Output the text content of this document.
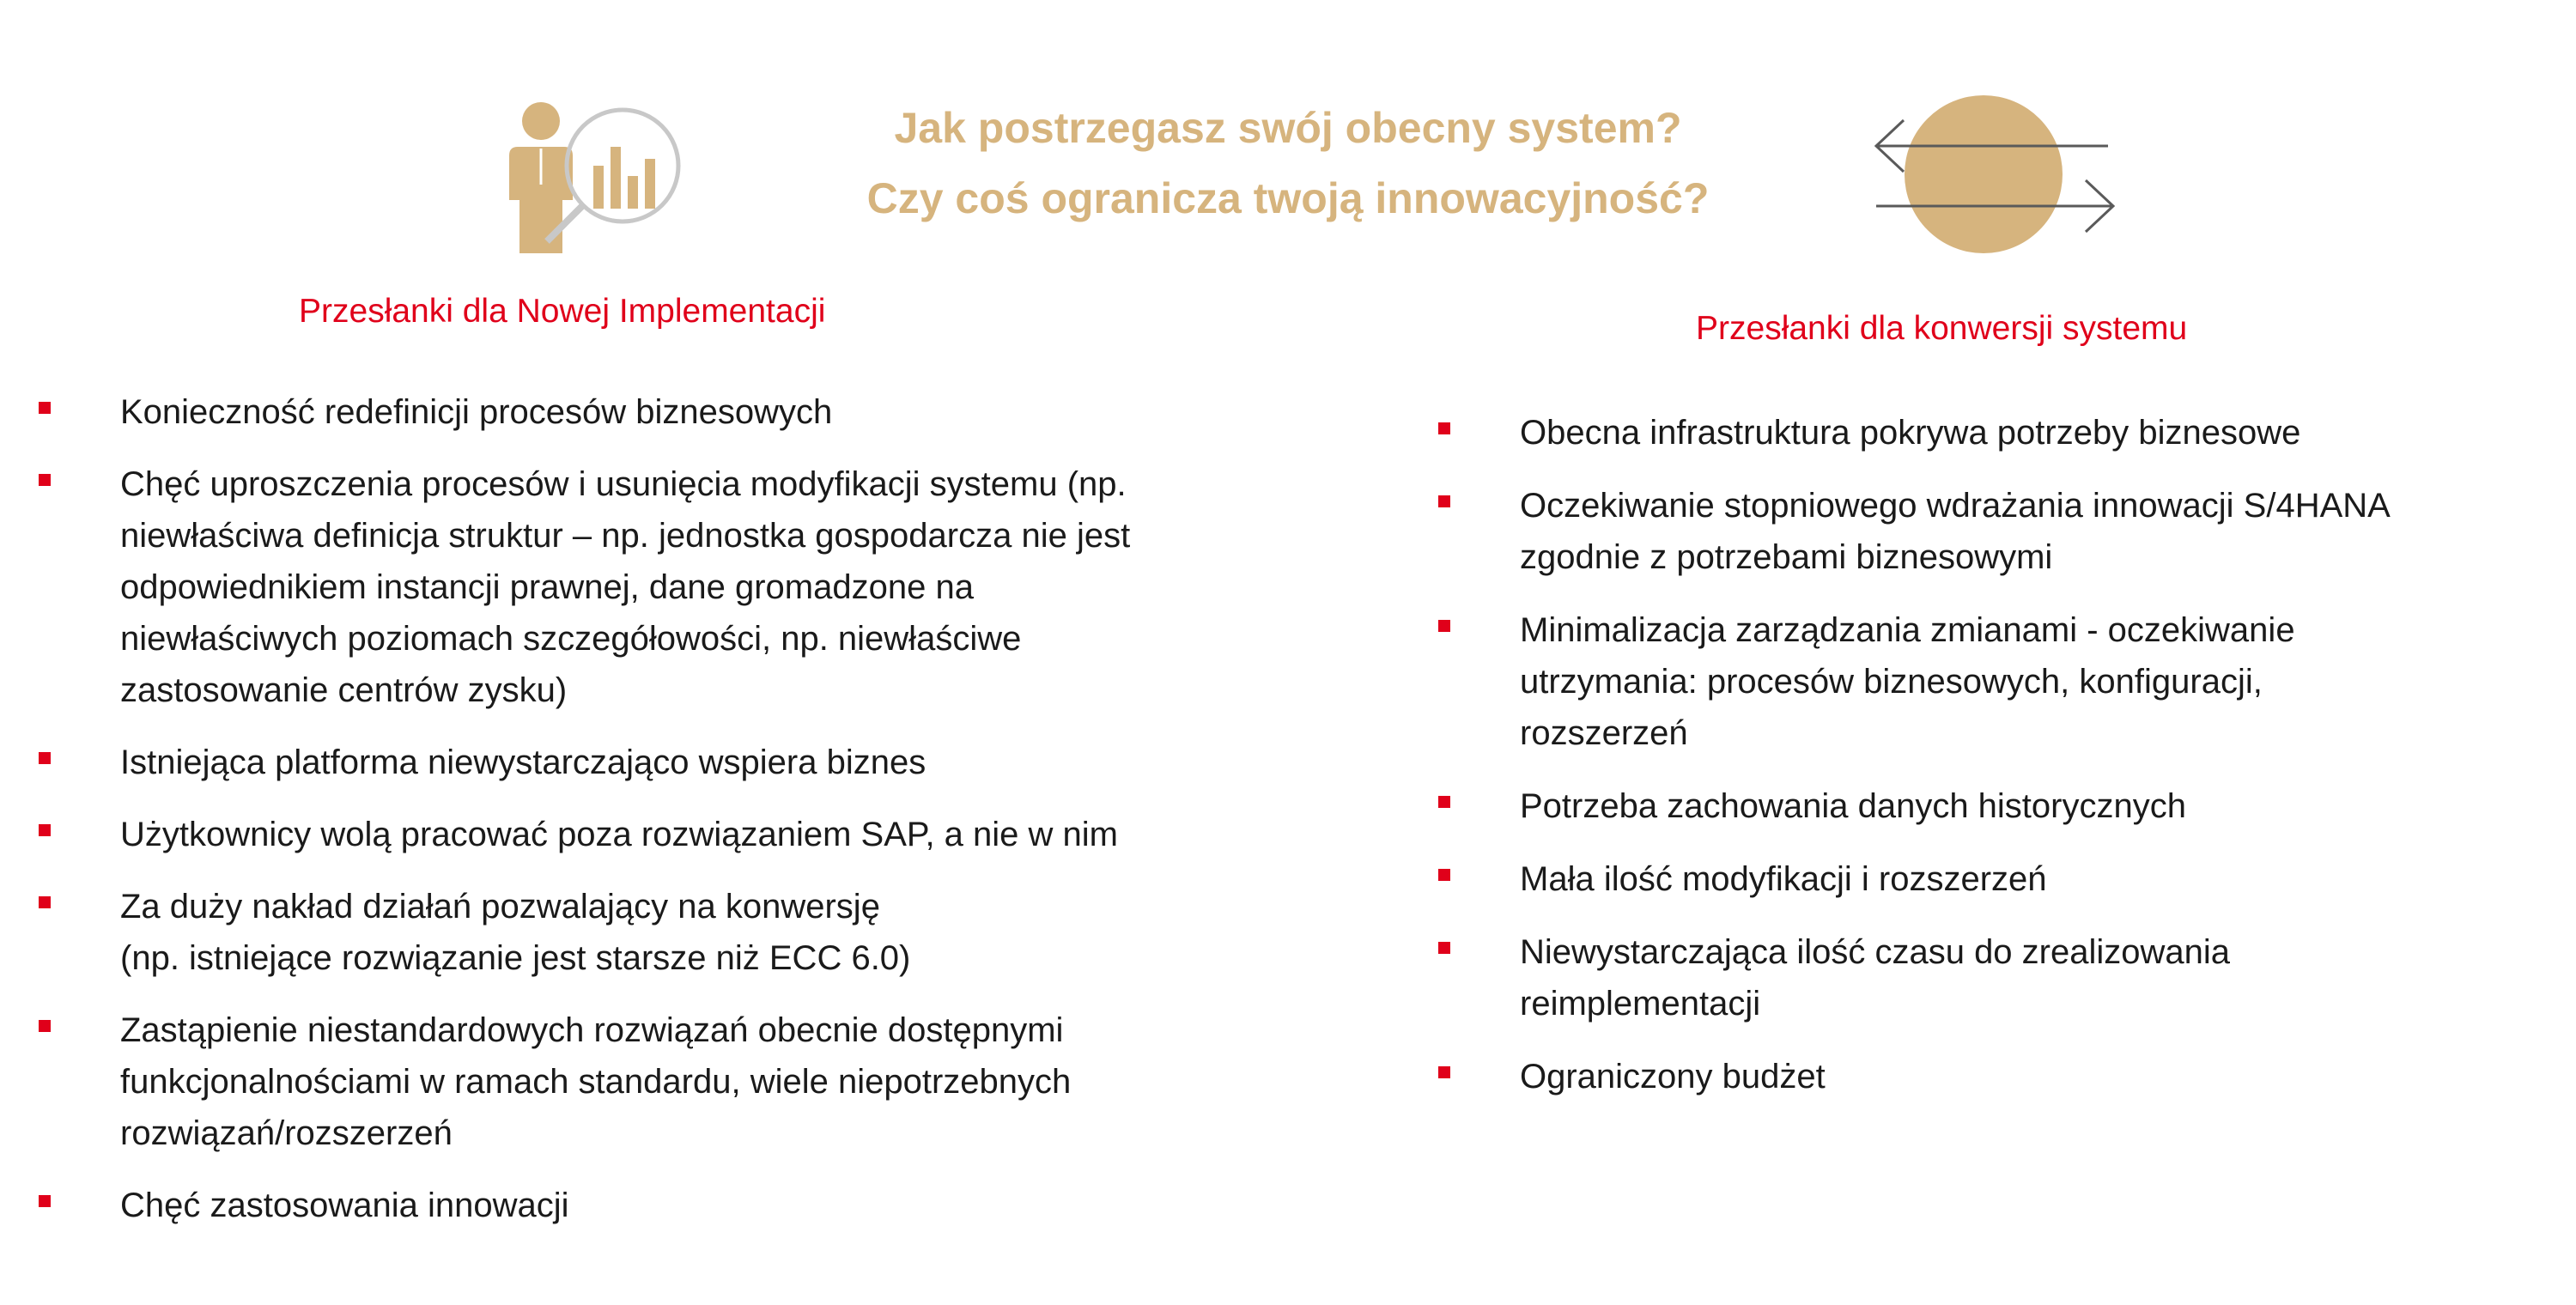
Jak postrzegasz swój obecny system?
Czy coś ogranicza twoją innowacyjność?
Przesłanki dla Nowej Implementacji	Przesłanki dla konwersji systemu
Konieczność redefinicji procesów biznesowych
Chęć uproszczenia procesów i usunięcia modyfikacji systemu (np.
niewłaściwa definicja struktur – np. jednostka gospodarcza nie jest
odpowiednikiem instancji prawnej, dane gromadzone na
niewłaściwych poziomach szczegółowości, np. niewłaściwe
zastosowanie centrów zysku)
Istniejąca platforma niewystarczająco wspiera biznes
Użytkownicy wolą pracować poza rozwiązaniem SAP, a nie w nim
Za duży nakład działań pozwalający na konwersję
(np. istniejące rozwiązanie jest starsze niż ECC 6.0)
Zastąpienie niestandardowych rozwiązań obecnie dostępnymi
funkcjonalnościami w ramach standardu, wiele niepotrzebnych
rozwiązań/rozszerzeń
Chęć zastosowania innowacji
Obecna infrastruktura pokrywa potrzeby biznesowe
Oczekiwanie stopniowego wdrażania innowacji S/4HANA
zgodnie z potrzebami biznesowymi
Minimalizacja zarządzania zmianami - oczekiwanie
utrzymania: procesów biznesowych, konfiguracji,
rozszerzeń
Potrzeba zachowania danych historycznych
Mała ilość modyfikacji i rozszerzeń
Niewystarczająca ilość czasu do zrealizowania
reimplementacji
Ograniczony budżet
